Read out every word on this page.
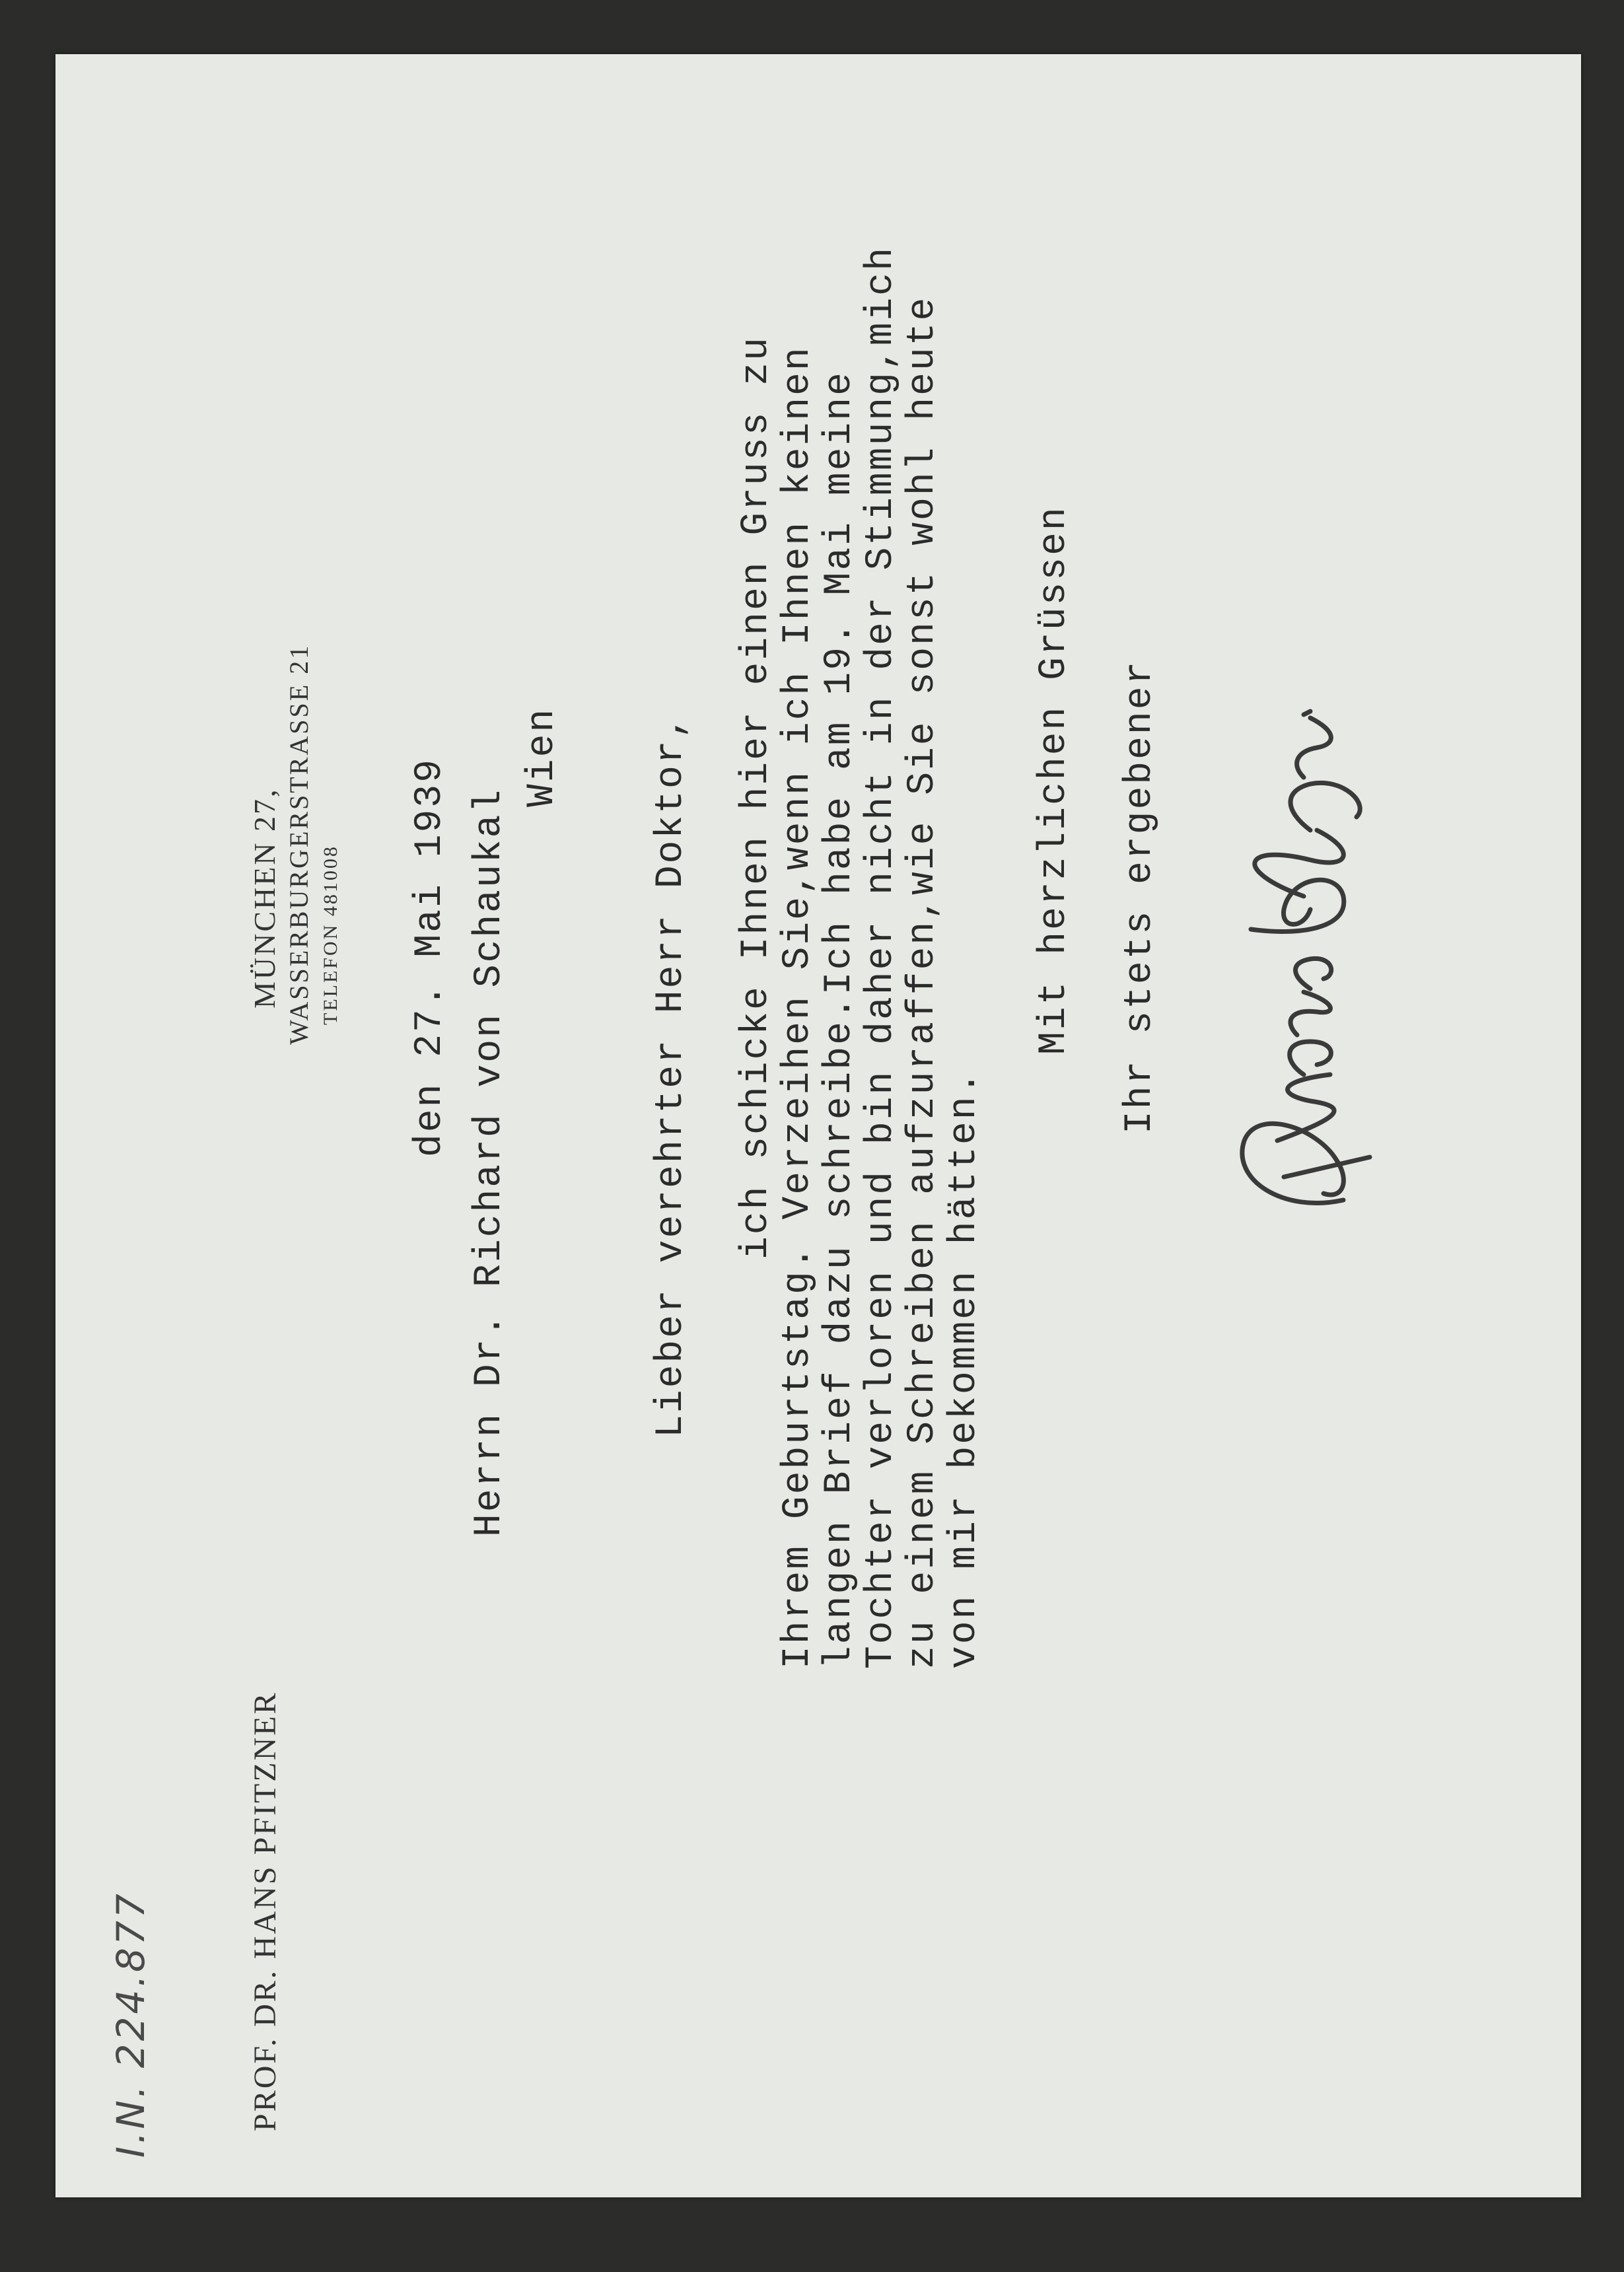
I.N. 224.877	PROF. DR. HANS PFITZNER
MÜNCHEN 27, WASSERBURGERSTRASSE 21 TELEFON 481008 den 27. Mai 1939 Herrn Dr. Richard von Schaukal
Wien Lieber verehrter Herr Doktor, ich schicke Ihnen hier einen Gruss zu
Ihrem Geburtstag. Verzeihen Sie,wenn ich Ihnen keinen
langen Brief dazu schreibe.Ich habe am 19. Mai meine
Tochter verloren und bin daher nicht in der Stimmung,mich
zu einem Schreiben aufzuraffen,wie Sie sonst wohl heute
von mir bekommen hätten.
Mit herzlichen Grüssen Ihr stets ergebener
